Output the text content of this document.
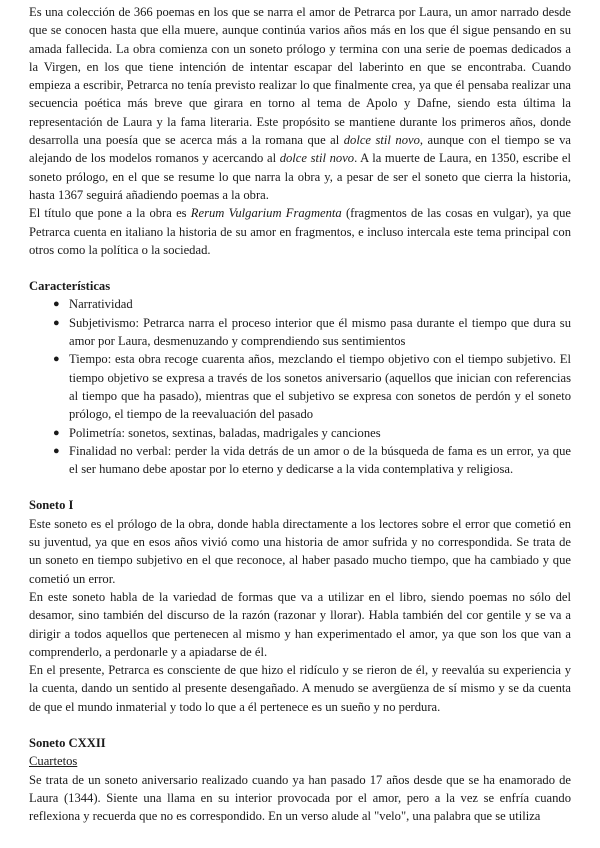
Es una colección de 366 poemas en los que se narra el amor de Petrarca por Laura, un amor narrado desde que se conocen hasta que ella muere, aunque continúa varios años más en los que él sigue pensando en su amada fallecida. La obra comienza con un soneto prólogo y termina con una serie de poemas dedicados a la Virgen, en los que tiene intención de intentar escapar del laberinto en que se encontraba. Cuando empieza a escribir, Petrarca no tenía previsto realizar lo que finalmente crea, ya que él pensaba realizar una secuencia poética más breve que girara en torno al tema de Apolo y Dafne, siendo esta última la representación de Laura y la fama literaria. Este propósito se mantiene durante los primeros años, donde desarrolla una poesía que se acerca más a la romana que al dolce stil novo, aunque con el tiempo se va alejando de los modelos romanos y acercando al dolce stil novo. A la muerte de Laura, en 1350, escribe el soneto prólogo, en el que se resume lo que narra la obra y, a pesar de ser el soneto que cierra la historia, hasta 1367 seguirá añadiendo poemas a la obra.

El título que pone a la obra es Rerum Vulgarium Fragmenta (fragmentos de las cosas en vulgar), ya que Petrarca cuenta en italiano la historia de su amor en fragmentos, e incluso intercala este tema principal con otros como la política o la sociedad.

Características
● Narratividad
● Subjetivismo: Petrarca narra el proceso interior que él mismo pasa durante el tiempo que dura su amor por Laura, desmenuzando y comprendiendo sus sentimientos
● Tiempo: esta obra recoge cuarenta años, mezclando el tiempo objetivo con el tiempo subjetivo. El tiempo objetivo se expresa a través de los sonetos aniversario (aquellos que inician con referencias al tiempo que ha pasado), mientras que el subjetivo se expresa con sonetos de perdón y el soneto prólogo, el tiempo de la reevaluación del pasado
● Polimetría: sonetos, sextinas, baladas, madrigales y canciones
● Finalidad no verbal: perder la vida detrás de un amor o de la búsqueda de fama es un error, ya que el ser humano debe apostar por lo eterno y dedicarse a la vida contemplativa y religiosa.
Soneto I

Este soneto es el prólogo de la obra, donde habla directamente a los lectores sobre el error que cometió en su juventud, ya que en esos años vivió como una historia de amor sufrida y no correspondida. Se trata de un soneto en tiempo subjetivo en el que reconoce, al haber pasado mucho tiempo, que ha cambiado y que cometió un error.

En este soneto habla de la variedad de formas que va a utilizar en el libro, siendo poemas no sólo del desamor, sino también del discurso de la razón (razonar y llorar). Habla también del cor gentile y se va a dirigir a todos aquellos que pertenecen al mismo y han experimentado el amor, ya que son los que van a comprenderlo, a perdonarle y a apiadarse de él.

En el presente, Petrarca es consciente de que hizo el ridículo y se rieron de él, y reevalúa su experiencia y la cuenta, dando un sentido al presente desengañado. A menudo se avergüenza de sí mismo y se da cuenta de que el mundo inmaterial y todo lo que a él pertenece es un sueño y no perdura.

Soneto CXXII

Cuartetos

Se trata de un soneto aniversario realizado cuando ya han pasado 17 años desde que se ha enamorado de Laura (1344). Siente una llama en su interior provocada por el amor, pero a la vez se enfría cuando reflexiona y recuerda que no es correspondido. En un verso alude al "velo", una palabra que se utiliza
